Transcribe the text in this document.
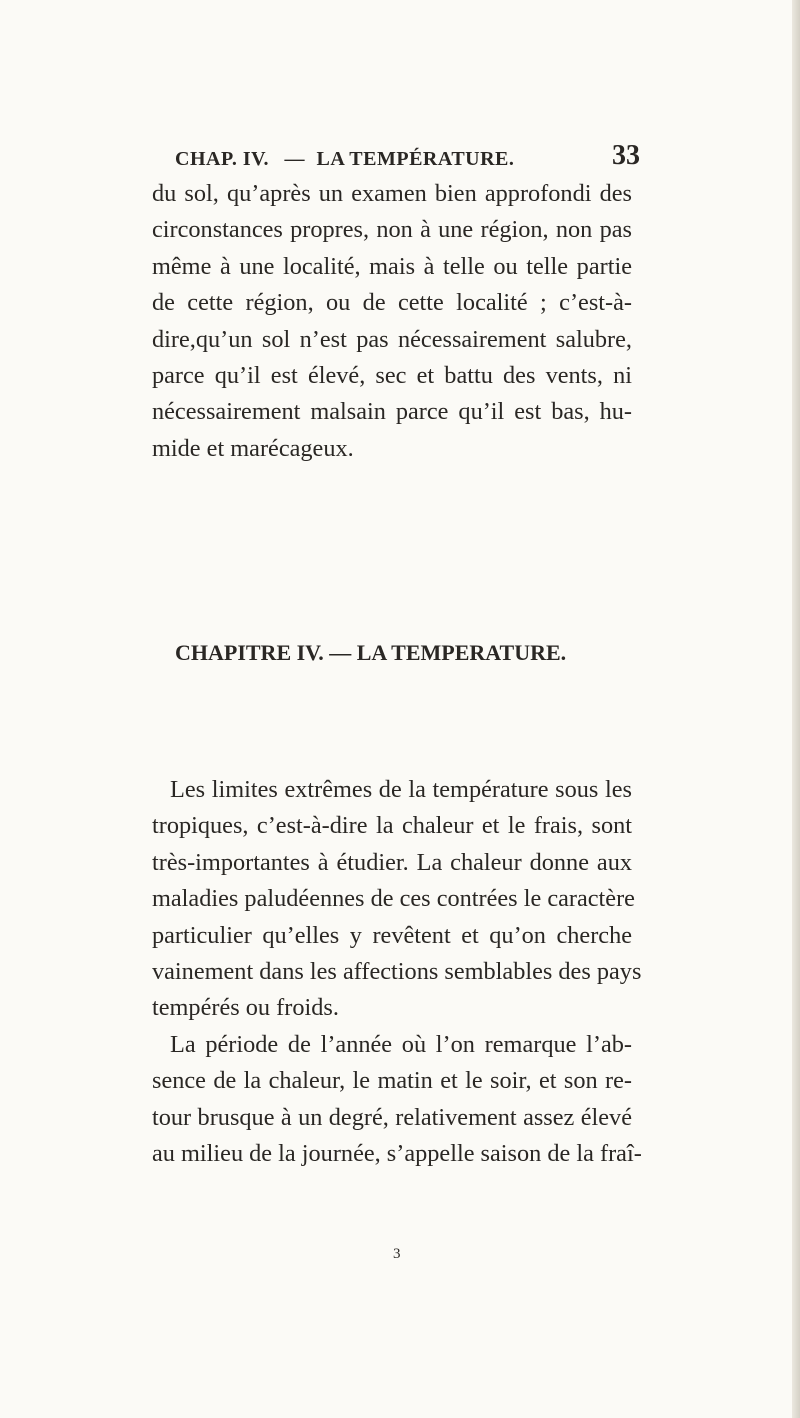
CHAP. IV. — LA TEMPÉRATURE.	33
du sol, qu’après un examen bien approfondi des
circonstances propres, non à une région, non pas
même à une localité, mais à telle ou telle partie
de cette région, ou de cette localité ; c’est-à-
dire,qu’un sol n’est pas nécessairement salubre,
parce qu’il est élevé, sec et battu des vents, ni
nécessairement malsain parce qu’il est bas, hu-
mide et marécageux.
CHAPITRE IV. — LA TEMPERATURE.
Les limites extrêmes de la température sous les
tropiques, c’est-à-dire la chaleur et le frais, sont
très-importantes à étudier. La chaleur donne aux
maladies paludéennes de ces contrées le caractère
particulier qu’elles y revêtent et qu’on cherche
vainement dans les affections semblables des pays
tempérés ou froids.
La période de l’année où l’on remarque l’ab-
sence de la chaleur, le matin et le soir, et son re-
tour brusque à un degré, relativement assez élevé
au milieu de la journée, s’appelle saison de la fraî-
3
